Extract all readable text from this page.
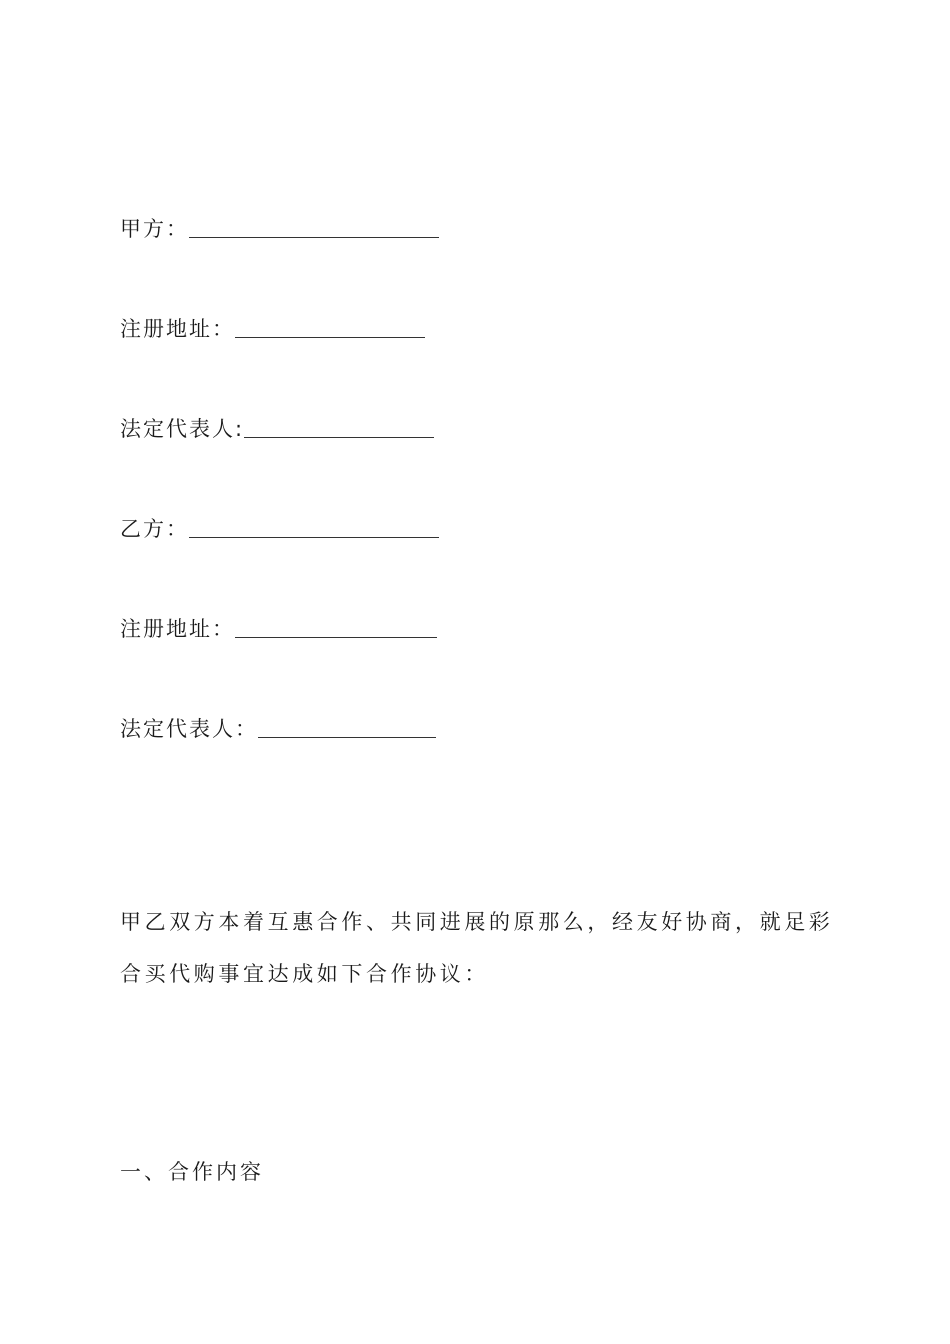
甲方：
注册地址：
法定代表人:
乙方：
注册地址：
法定代表人：
甲乙双方本着互惠合作、共同进展的原那么，经友好协商，就足彩
合买代购事宜达成如下合作协议：
一、合作内容
